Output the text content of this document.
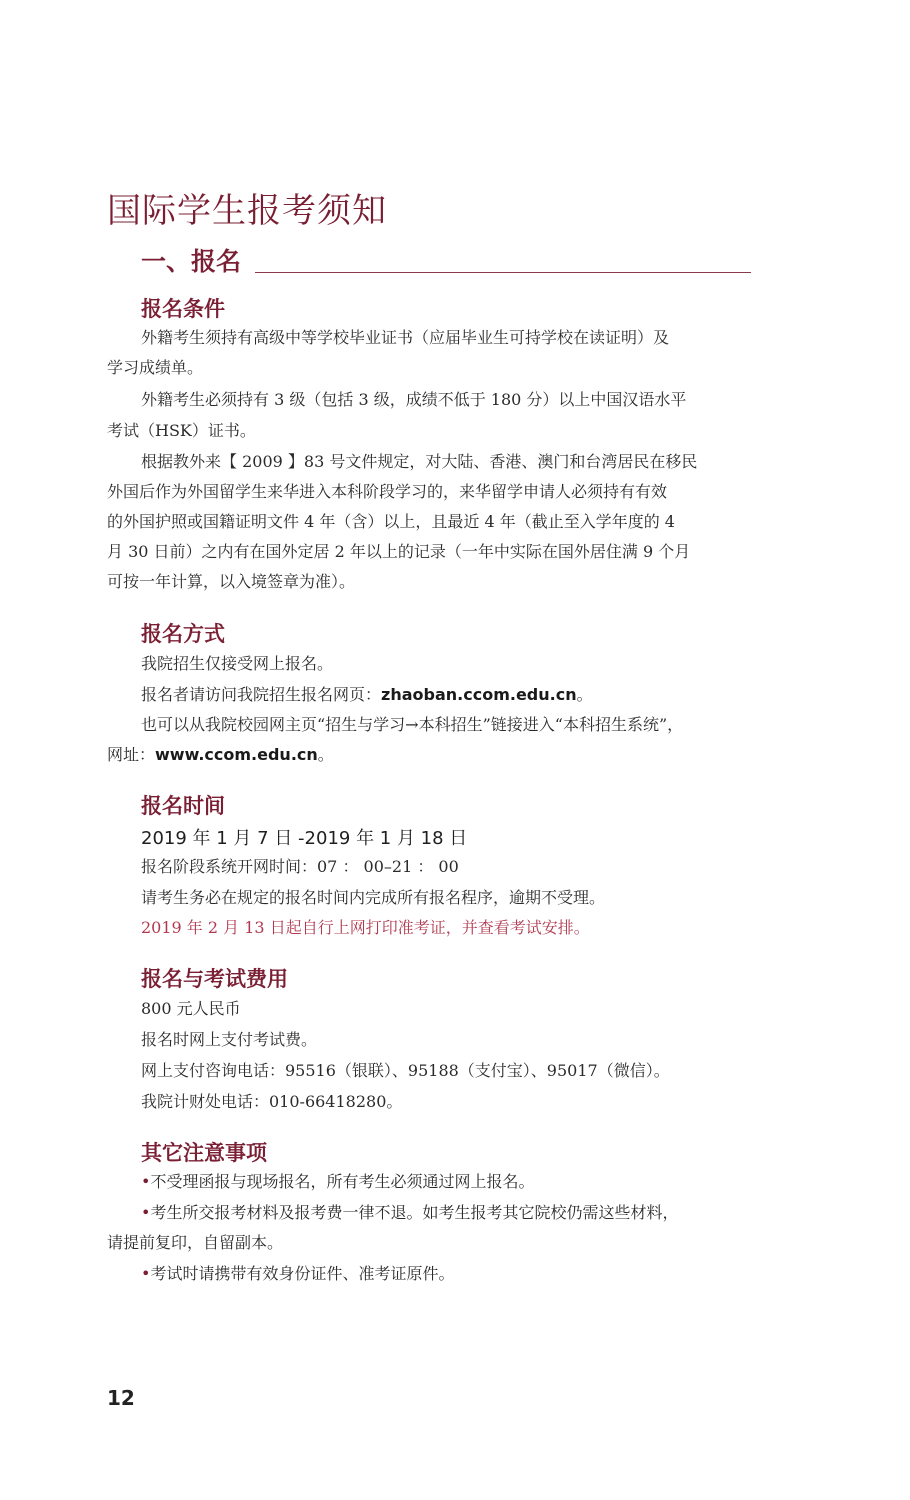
国际学生报考须知
一、报名
报名条件
外籍考生须持有高级中等学校毕业证书（应届毕业生可持学校在读证明）及
学习成绩单。
外籍考生必须持有 3 级（包括 3 级，成绩不低于 180 分）以上中国汉语水平
考试（HSK）证书。
根据教外来【 2009 】83 号文件规定，对大陆、香港、澳门和台湾居民在移民
外国后作为外国留学生来华进入本科阶段学习的，来华留学申请人必须持有有效
的外国护照或国籍证明文件 4 年（含）以上，且最近 4 年（截止至入学年度的 4
月 30 日前）之内有在国外定居 2 年以上的记录（一年中实际在国外居住满 9 个月
可按一年计算，以入境签章为准）。
报名方式
我院招生仅接受网上报名。
报名者请访问我院招生报名网页：zhaoban.ccom.edu.cn。
也可以从我院校园网主页“招生与学习→本科招生”链接进入“本科招生系统”，
网址：www.ccom.edu.cn。
报名时间
2019 年 1 月 7 日 -2019 年 1 月 18 日
报名阶段系统开网时间：07 ： 00–21 ： 00
请考生务必在规定的报名时间内完成所有报名程序，逾期不受理。
2019 年 2 月 13 日起自行上网打印准考证，并查看考试安排。
报名与考试费用
800 元人民币
报名时网上支付考试费。
网上支付咨询电话：95516（银联）、95188（支付宝）、95017（微信）。
我院计财处电话：010-66418280。
其它注意事项
•不受理函报与现场报名，所有考生必须通过网上报名。
•考生所交报考材料及报考费一律不退。如考生报考其它院校仍需这些材料，
请提前复印，自留副本。
•考试时请携带有效身份证件、准考证原件。
12
